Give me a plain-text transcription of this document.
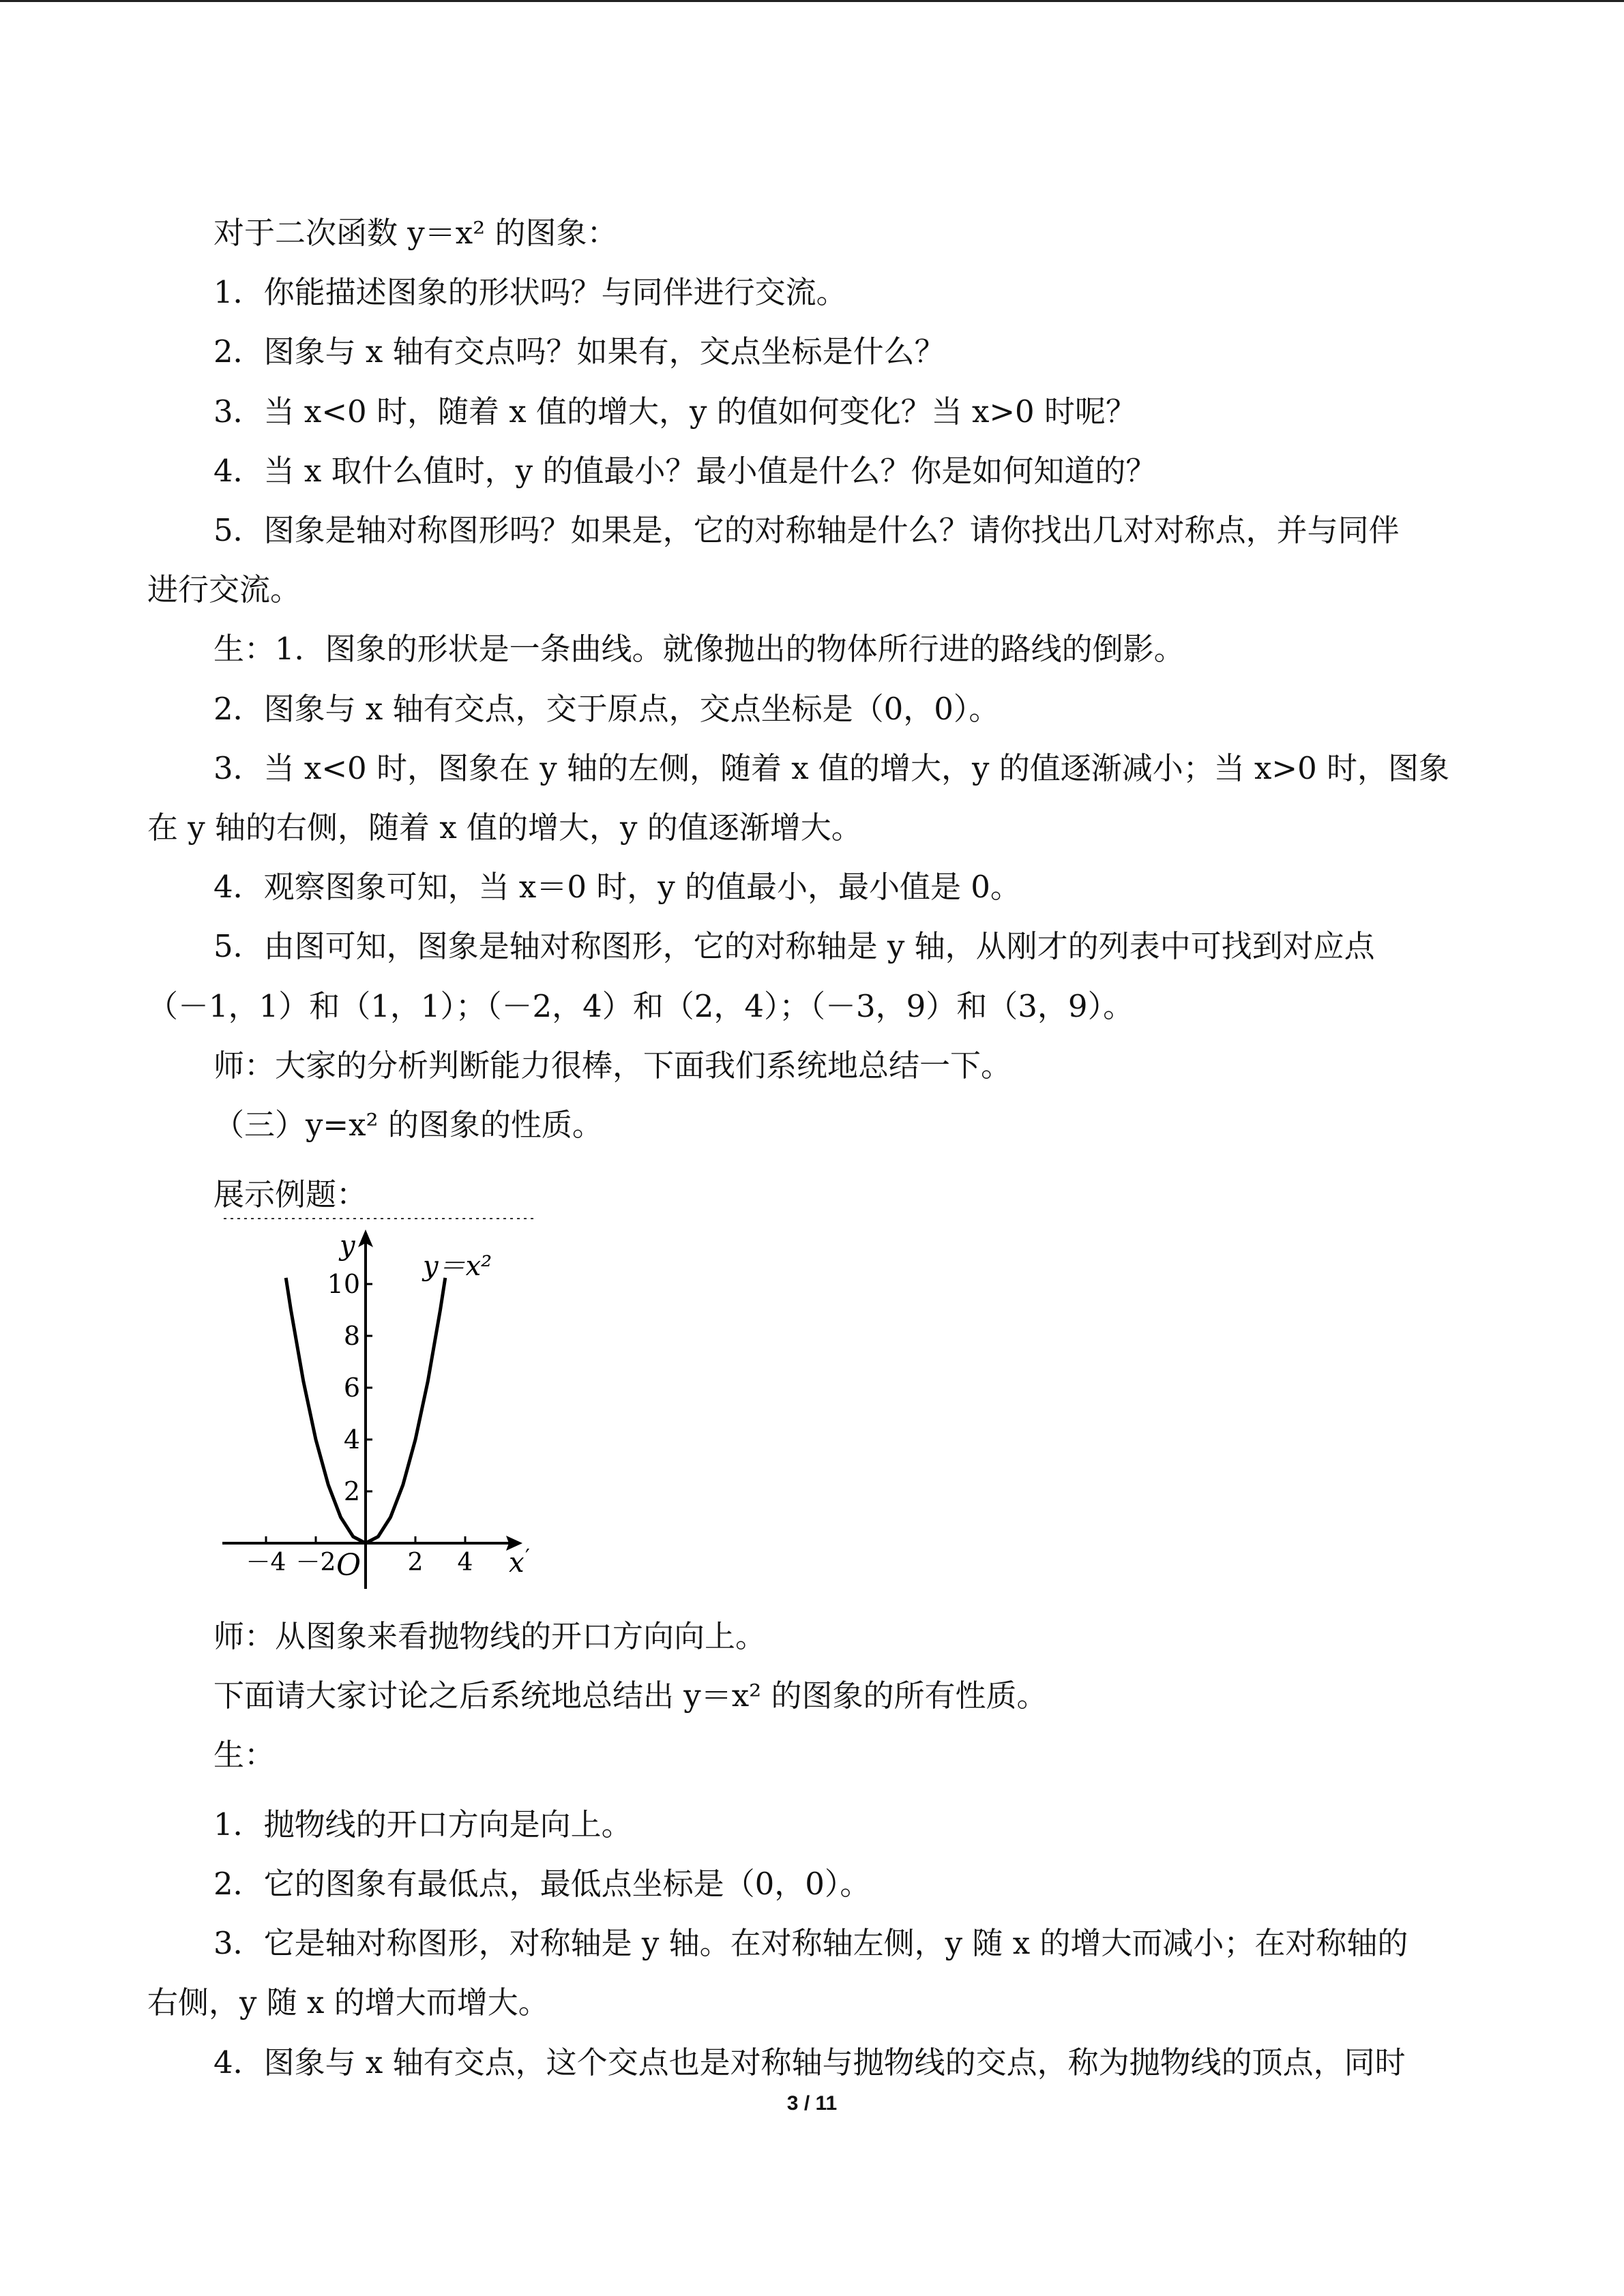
对于二次函数 y＝x² 的图象：
1．你能描述图象的形状吗？与同伴进行交流。
2．图象与 x 轴有交点吗？如果有，交点坐标是什么？
3．当 x<0 时，随着 x 值的增大，y 的值如何变化？当 x>0 时呢？
4．当 x 取什么值时，y 的值最小？最小值是什么？你是如何知道的？
5．图象是轴对称图形吗？如果是，它的对称轴是什么？请你找出几对对称点，并与同伴
进行交流。
生：1．图象的形状是一条曲线。就像抛出的物体所行进的路线的倒影。
2．图象与 x 轴有交点，交于原点，交点坐标是（0，0）。
3．当 x<0 时，图象在 y 轴的左侧，随着 x 值的增大，y 的值逐渐减小；当 x>0 时，图象
在 y 轴的右侧，随着 x 值的增大，y 的值逐渐增大。
4．观察图象可知，当 x＝0 时，y 的值最小，最小值是 0。
5．由图可知，图象是轴对称图形，它的对称轴是 y 轴，从刚才的列表中可找到对应点
（－1，1）和（1，1）；（－2，4）和（2，4）；（－3，9）和（3，9）。
师：大家的分析判断能力很棒，下面我们系统地总结一下。
（三）y=x² 的图象的性质。
展示例题：
10
8
6
4
2
－4 －2	2 4
y
x ′
O
y＝x²
师：从图象来看抛物线的开口方向向上。
下面请大家讨论之后系统地总结出 y＝x² 的图象的所有性质。
生：
1．抛物线的开口方向是向上。
2．它的图象有最低点，最低点坐标是（0，0）。
3．它是轴对称图形，对称轴是 y 轴。在对称轴左侧，y 随 x 的增大而减小；在对称轴的
右侧，y 随 x 的增大而增大。
4．图象与 x 轴有交点，这个交点也是对称轴与抛物线的交点，称为抛物线的顶点，同时
3 / 11
